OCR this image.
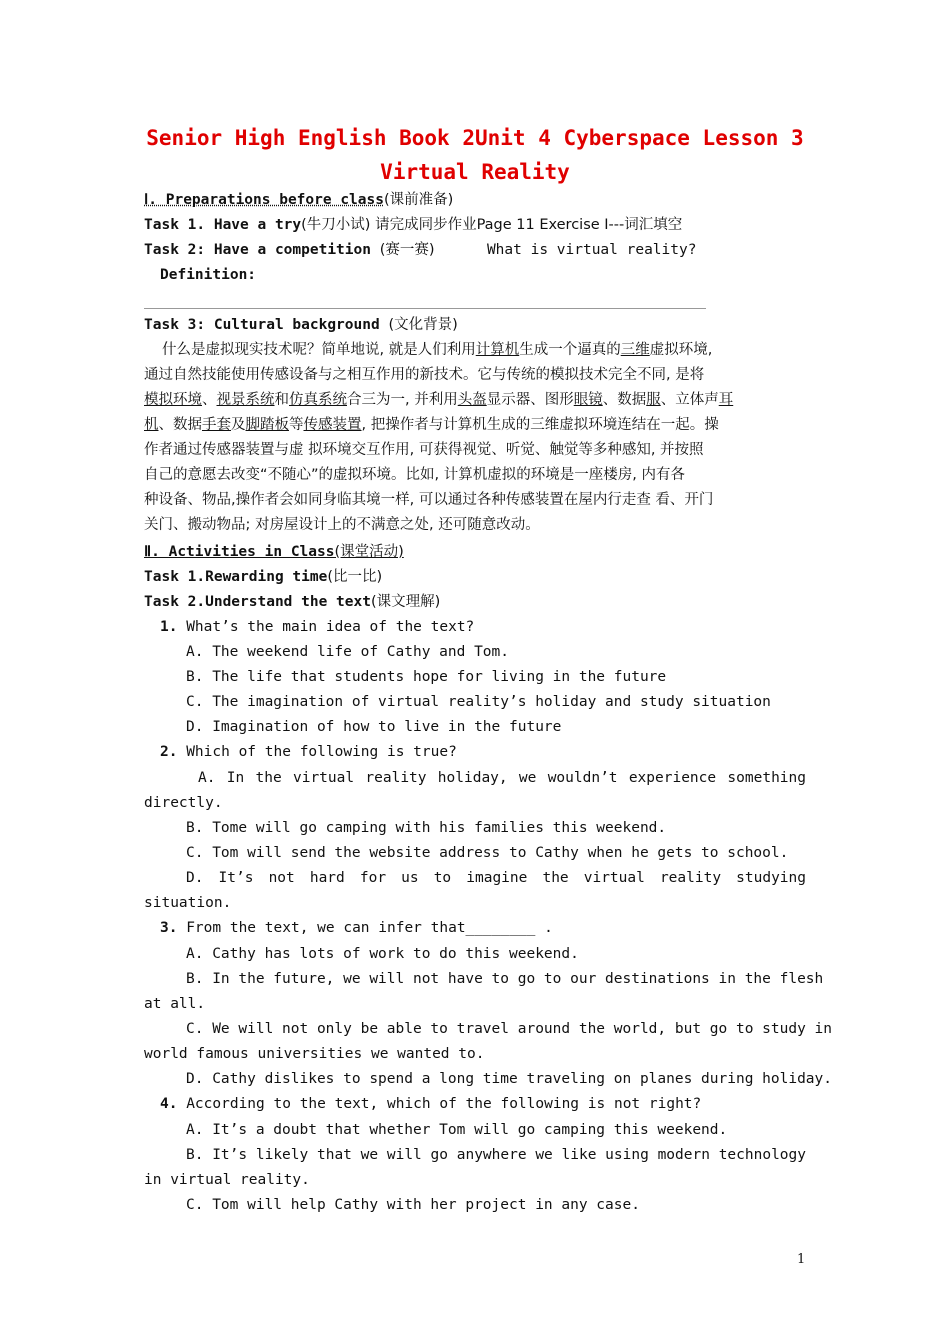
Senior High English Book 2Unit 4 Cyberspace Lesson 3
Virtual Reality
Ⅰ. Preparations before class(课前准备)
Task 1. Have a try(牛刀小试) 请完成同步作业Page 11 Exercise I---词汇填空
Task 2: Have a competition (赛一赛)	What is virtual reality?
Definition:
Task 3: Cultural background (文化背景)
什么是虚拟现实技术呢？简单地说, 就是人们利用计算机生成一个逼真的三维虚拟环境,
通过自然技能使用传感设备与之相互作用的新技术。它与传统的模拟技术完全不同, 是将
模拟环境、视景系统和仿真系统合三为一, 并利用头盔显示器、图形眼镜、数据服、立体声耳
机、数据手套及脚踏板等传感装置, 把操作者与计算机生成的三维虚拟环境连结在一起。操
作者通过传感器装置与虚 拟环境交互作用, 可获得视觉、听觉、触觉等多种感知, 并按照
自己的意愿去改变“不随心”的虚拟环境。比如, 计算机虚拟的环境是一座楼房, 内有各
种设备、物品,操作者会如同身临其境一样, 可以通过各种传感装置在屋内行走查 看、开门
关门、搬动物品; 对房屋设计上的不满意之处, 还可随意改动。
Ⅱ. Activities in Class(课堂活动)
Task 1.Rewarding time(比一比)
Task 2.Understand the text(课文理解)
1. What’s the main idea of the text?
A. The weekend life of Cathy and Tom.
B. The life that students hope for living in the future
C. The imagination of virtual reality’s holiday and study situation
D. Imagination of how to live in the future
2. Which of the following is true?
A. In the virtual reality holiday, we wouldn’t experience something
directly.
B. Tome will go camping with his families this weekend.
C. Tom will send the website address to Cathy when he gets to school.
D. It’s not hard for us to imagine the virtual reality studying
situation.
3. From the text, we can infer that________ .
A. Cathy has lots of work to do this weekend.
B. In the future, we will not have to go to our destinations in the flesh
at all.
C. We will not only be able to travel around the world, but go to study in
world famous universities we wanted to.
D. Cathy dislikes to spend a long time traveling on planes during holiday.
4. According to the text, which of the following is not right?
A. It’s a doubt that whether Tom will go camping this weekend.
B. It’s likely that we will go anywhere we like using modern technology
in virtual reality.
C. Tom will help Cathy with her project in any case.
1
